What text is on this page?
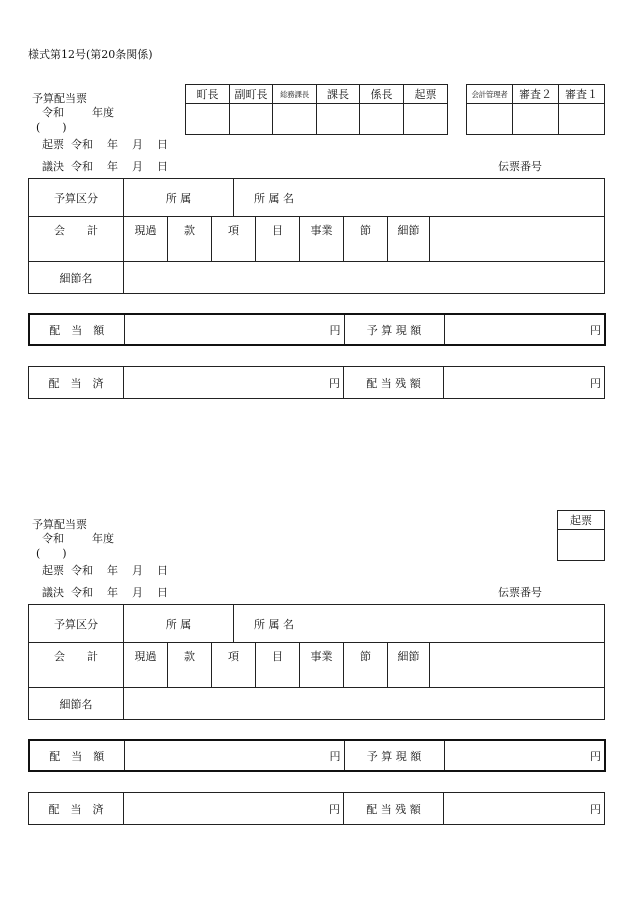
様式第12号(第20条関係)
予算配当票
令和	年度
(　　)
起票 令和 年 月 日
議決 令和 年 月 日	伝票番号
町長	副町長	総務課長	課長	係長	起票
						会計管理者	審査２	審査１

予算区分	所 属			所 属 名					
会　　計	現過	款	項		目	事業	節	細節	
細節名									
配　当　額	円	予 算 現 額	円
配　当　済	円	配 当 残 額	円
予算配当票
令和	年度
(　　)
起票 令和 年 月 日
議決 令和 年 月 日	伝票番号
起票

予算区分	所 属			所 属 名					
会　　計	現過	款	項		目	事業	節	細節	
細節名									
配　当　額	円	予 算 現 額	円
配　当　済	円	配 当 残 額	円
